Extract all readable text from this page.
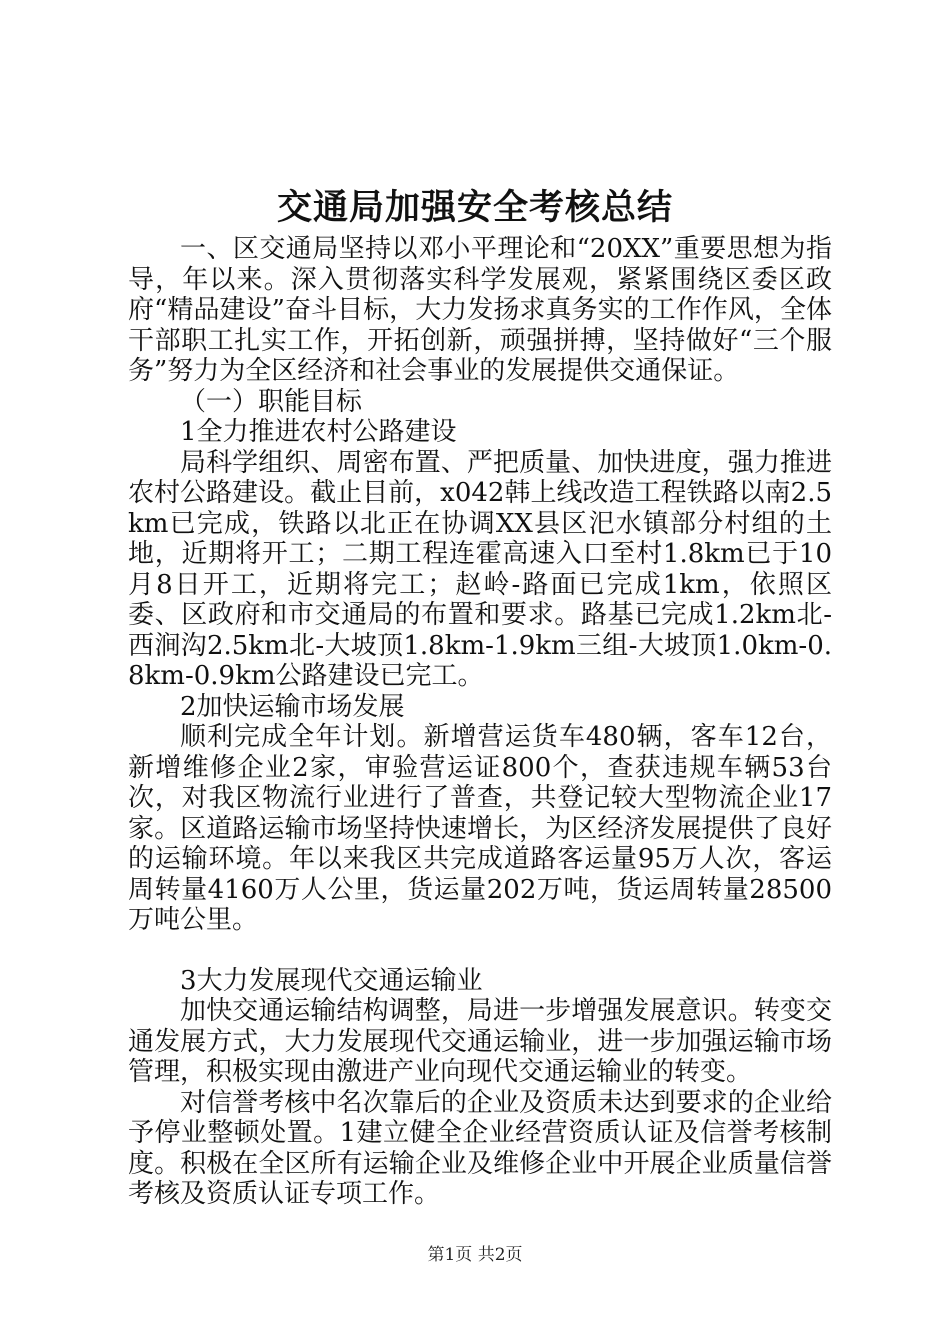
交通局加强安全考核总结

一、区交通局坚持以邓小平理论和“20XX”重要思想为指导，年以来。深入贯彻落实科学发展观，紧紧围绕区委区政府“精品建设”奋斗目标，大力发扬求真务实的工作作风，全体干部职工扎实工作，开拓创新，顽强拼搏，坚持做好“三个服务”努力为全区经济和社会事业的发展提供交通保证。

（一）职能目标

1全力推进农村公路建设

局科学组织、周密布置、严把质量、加快进度，强力推进农村公路建设。截止目前，x042韩上线改造工程铁路以南2.5km已完成，铁路以北正在协调XX县区汜水镇部分村组的土地，近期将开工；二期工程连霍高速入口至村1.8km已于10月8日开工，近期将完工；赵岭-路面已完成1km，依照区委、区政府和市交通局的布置和要求。路基已完成1.2km北-西涧沟2.5km北-大坡顶1.8km-1.9km三组-大坡顶1.0km-0.8km-0.9km公路建设已完工。

2加快运输市场发展

顺利完成全年计划。新增营运货车480辆，客车12台，新增维修企业2家，审验营运证800个，查获违规车辆53台次，对我区物流行业进行了普查，共登记较大型物流企业17家。区道路运输市场坚持快速增长，为区经济发展提供了良好的运输环境。年以来我区共完成道路客运量95万人次，客运周转量4160万人公里，货运量202万吨，货运周转量28500万吨公里。

3大力发展现代交通运输业

加快交通运输结构调整，局进一步增强发展意识。转变交通发展方式，大力发展现代交通运输业，进一步加强运输市场管理，积极实现由激进产业向现代交通运输业的转变。

对信誉考核中名次靠后的企业及资质未达到要求的企业给予停业整顿处置。1建立健全企业经营资质认证及信誉考核制度。积极在全区所有运输企业及维修企业中开展企业质量信誉考核及资质认证专项工作。

第1页 共2页
